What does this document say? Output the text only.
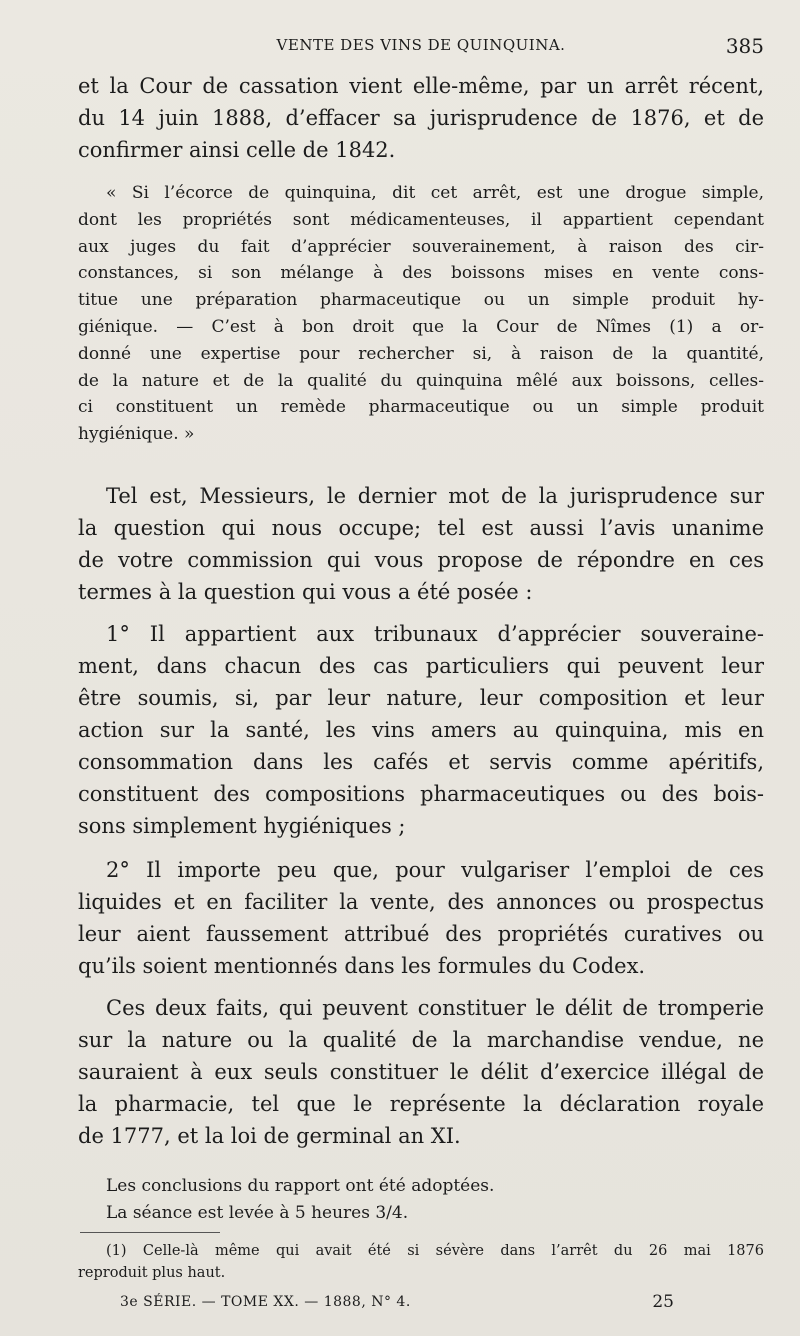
VENTE DES VINS DE QUINQUINA.	385
et la Cour de cassation vient elle-même, par un arrêt récent,
du 14 juin 1888, d’effacer sa jurisprudence de 1876, et de
confirmer ainsi celle de 1842.
« Si l’écorce de quinquina, dit cet arrêt, est une drogue simple,
dont les propriétés sont médicamenteuses, il appartient cependant
aux juges du fait d’apprécier souverainement, à raison des cir-
constances, si son mélange à des boissons mises en vente cons-
titue une préparation pharmaceutique ou un simple produit hy-
giénique. — C’est à bon droit que la Cour de Nîmes (1) a or-
donné une expertise pour rechercher si, à raison de la quantité,
de la nature et de la qualité du quinquina mêlé aux boissons, celles-
ci constituent un remède pharmaceutique ou un simple produit
hygiénique. »
Tel est, Messieurs, le dernier mot de la jurisprudence sur
la question qui nous occupe; tel est aussi l’avis unanime
de votre commission qui vous propose de répondre en ces
termes à la question qui vous a été posée :
1° Il appartient aux tribunaux d’apprécier souveraine-
ment, dans chacun des cas particuliers qui peuvent leur
être soumis, si, par leur nature, leur composition et leur
action sur la santé, les vins amers au quinquina, mis en
consommation dans les cafés et servis comme apéritifs,
constituent des compositions pharmaceutiques ou des bois-
sons simplement hygiéniques ;
2° Il importe peu que, pour vulgariser l’emploi de ces
liquides et en faciliter la vente, des annonces ou prospectus
leur aient faussement attribué des propriétés curatives ou
qu’ils soient mentionnés dans les formules du Codex.
Ces deux faits, qui peuvent constituer le délit de tromperie
sur la nature ou la qualité de la marchandise vendue, ne
sauraient à eux seuls constituer le délit d’exercice illégal de
la pharmacie, tel que le représente la déclaration royale
de 1777, et la loi de germinal an XI.
Les conclusions du rapport ont été adoptées.
La séance est levée à 5 heures 3/4.
(1) Celle-là même qui avait été si sévère dans l’arrêt du 26 mai 1876
reproduit plus haut.
3e SÉRIE. — TOME XX. — 1888, N° 4.	25
